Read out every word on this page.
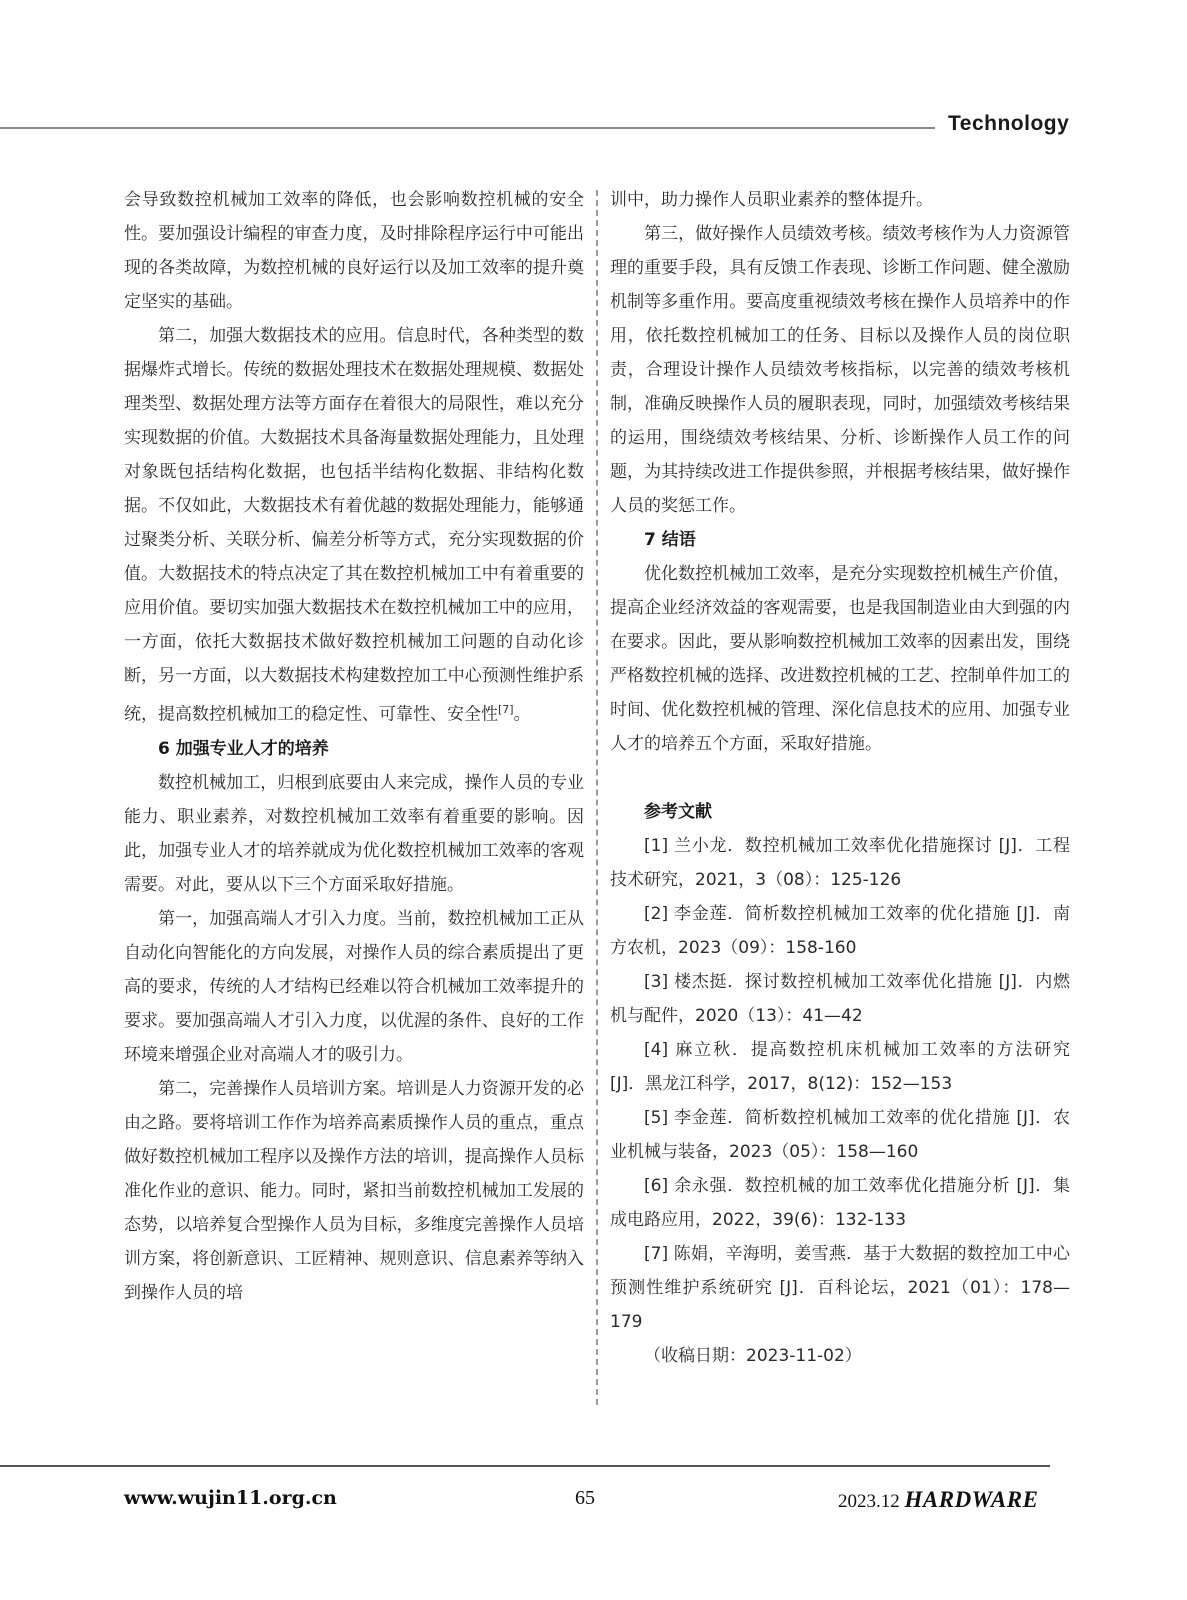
Technology

会导致数控机械加工效率的降低，也会影响数控机械的安全性。要加强设计编程的审查力度，及时排除程序运行中可能出现的各类故障，为数控机械的良好运行以及加工效率的提升奠定坚实的基础。

第二，加强大数据技术的应用。信息时代，各种类型的数据爆炸式增长。传统的数据处理技术在数据处理规模、数据处理类型、数据处理方法等方面存在着很大的局限性，难以充分实现数据的价值。大数据技术具备海量数据处理能力，且处理对象既包括结构化数据，也包括半结构化数据、非结构化数据。不仅如此，大数据技术有着优越的数据处理能力，能够通过聚类分析、关联分析、偏差分析等方式，充分实现数据的价值。大数据技术的特点决定了其在数控机械加工中有着重要的应用价值。要切实加强大数据技术在数控机械加工中的应用，一方面，依托大数据技术做好数控机械加工问题的自动化诊断，另一方面，以大数据技术构建数控加工中心预测性维护系统，提高数控机械加工的稳定性、可靠性、安全性[7]。

6 加强专业人才的培养

数控机械加工，归根到底要由人来完成，操作人员的专业能力、职业素养，对数控机械加工效率有着重要的影响。因此，加强专业人才的培养就成为优化数控机械加工效率的客观需要。对此，要从以下三个方面采取好措施。

第一，加强高端人才引入力度。当前，数控机械加工正从自动化向智能化的方向发展，对操作人员的综合素质提出了更高的要求，传统的人才结构已经难以符合机械加工效率提升的要求。要加强高端人才引入力度，以优渥的条件、良好的工作环境来增强企业对高端人才的吸引力。

第二，完善操作人员培训方案。培训是人力资源开发的必由之路。要将培训工作作为培养高素质操作人员的重点，重点做好数控机械加工程序以及操作方法的培训，提高操作人员标准化作业的意识、能力。同时，紧扣当前数控机械加工发展的态势，以培养复合型操作人员为目标，多维度完善操作人员培训方案，将创新意识、工匠精神、规则意识、信息素养等纳入到操作人员的培

训中，助力操作人员职业素养的整体提升。

第三，做好操作人员绩效考核。绩效考核作为人力资源管理的重要手段，具有反馈工作表现、诊断工作问题、健全激励机制等多重作用。要高度重视绩效考核在操作人员培养中的作用，依托数控机械加工的任务、目标以及操作人员的岗位职责，合理设计操作人员绩效考核指标，以完善的绩效考核机制，准确反映操作人员的履职表现，同时，加强绩效考核结果的运用，围绕绩效考核结果、分析、诊断操作人员工作的问题，为其持续改进工作提供参照，并根据考核结果，做好操作人员的奖惩工作。

7 结语

优化数控机械加工效率，是充分实现数控机械生产价值，提高企业经济效益的客观需要，也是我国制造业由大到强的内在要求。因此，要从影响数控机械加工效率的因素出发，围绕严格数控机械的选择、改进数控机械的工艺、控制单件加工的时间、优化数控机械的管理、深化信息技术的应用、加强专业人才的培养五个方面，采取好措施。

参考文献

[1] 兰小龙．数控机械加工效率优化措施探讨 [J]．工程技术研究，2021，3（08）：125-126

[2] 李金莲．简析数控机械加工效率的优化措施 [J]．南方农机，2023（09）：158-160

[3] 楼杰挺．探讨数控机械加工效率优化措施 [J]．内燃机与配件，2020（13）：41—42

[4] 麻立秋．提高数控机床机械加工效率的方法研究 [J]．黑龙江科学，2017，8(12)：152—153

[5] 李金莲．简析数控机械加工效率的优化措施 [J]．农业机械与装备，2023（05）：158—160

[6] 余永强．数控机械的加工效率优化措施分析 [J]．集成电路应用，2022，39(6)：132-133

[7] 陈娟，辛海明，姜雪燕．基于大数据的数控加工中心预测性维护系统研究 [J]．百科论坛，2021（01）：178—179

（收稿日期：2023-11-02）

www.wujin11.org.cn	65	2023.12 HARDWARE
